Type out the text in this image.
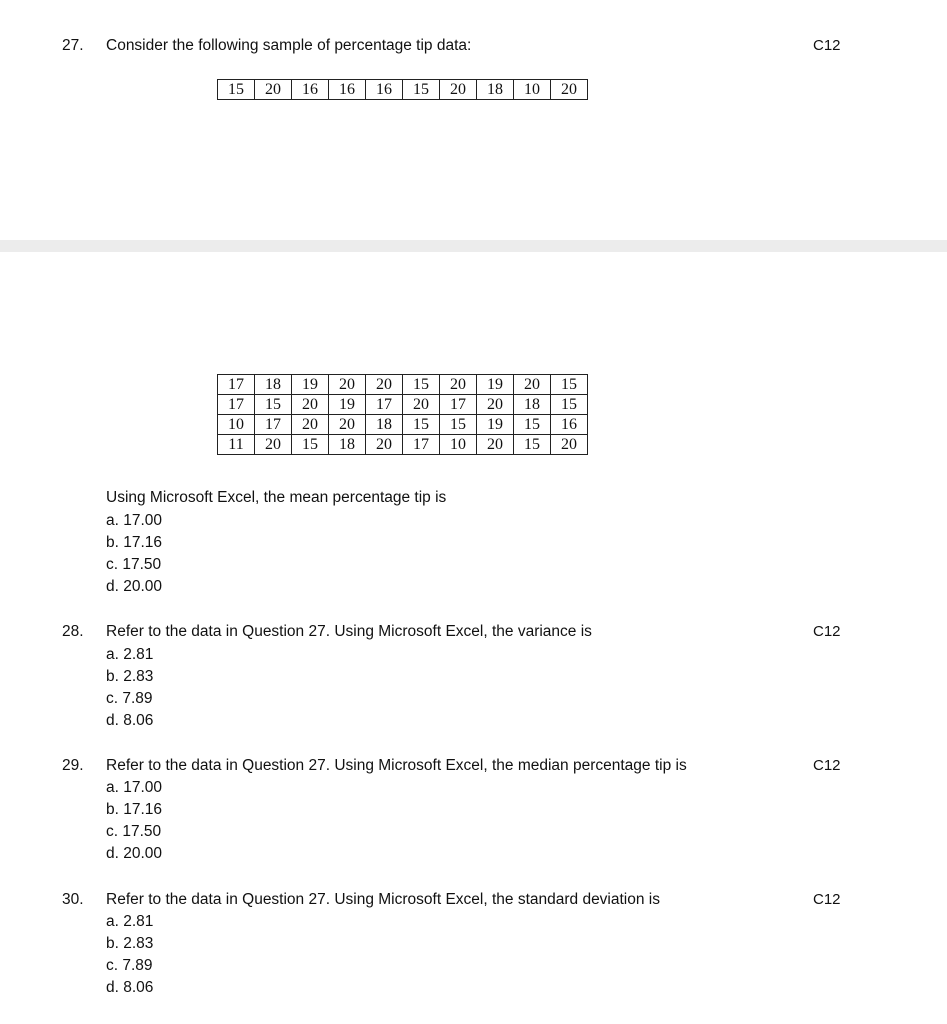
27. Consider the following sample of percentage tip data:	C12
15	20	16	16	16	15	20	18	10	20
17	18	19	20	20	15	20	19	20	15
17	15	20	19	17	20	17	20	18	15
10	17	20	20	18	15	15	19	15	16
11	20	15	18	20	17	10	20	15	20
Using Microsoft Excel, the mean percentage tip is
a. 17.00
b. 17.16
c. 17.50
d. 20.00
28. Refer to the data in Question 27. Using Microsoft Excel, the variance is	C12
a. 2.81
b. 2.83
c. 7.89
d. 8.06
29. Refer to the data in Question 27. Using Microsoft Excel, the median percentage tip is	C12
a. 17.00
b. 17.16
c. 17.50
d. 20.00
30. Refer to the data in Question 27. Using Microsoft Excel, the standard deviation is	C12
a. 2.81
b. 2.83
c. 7.89
d. 8.06
